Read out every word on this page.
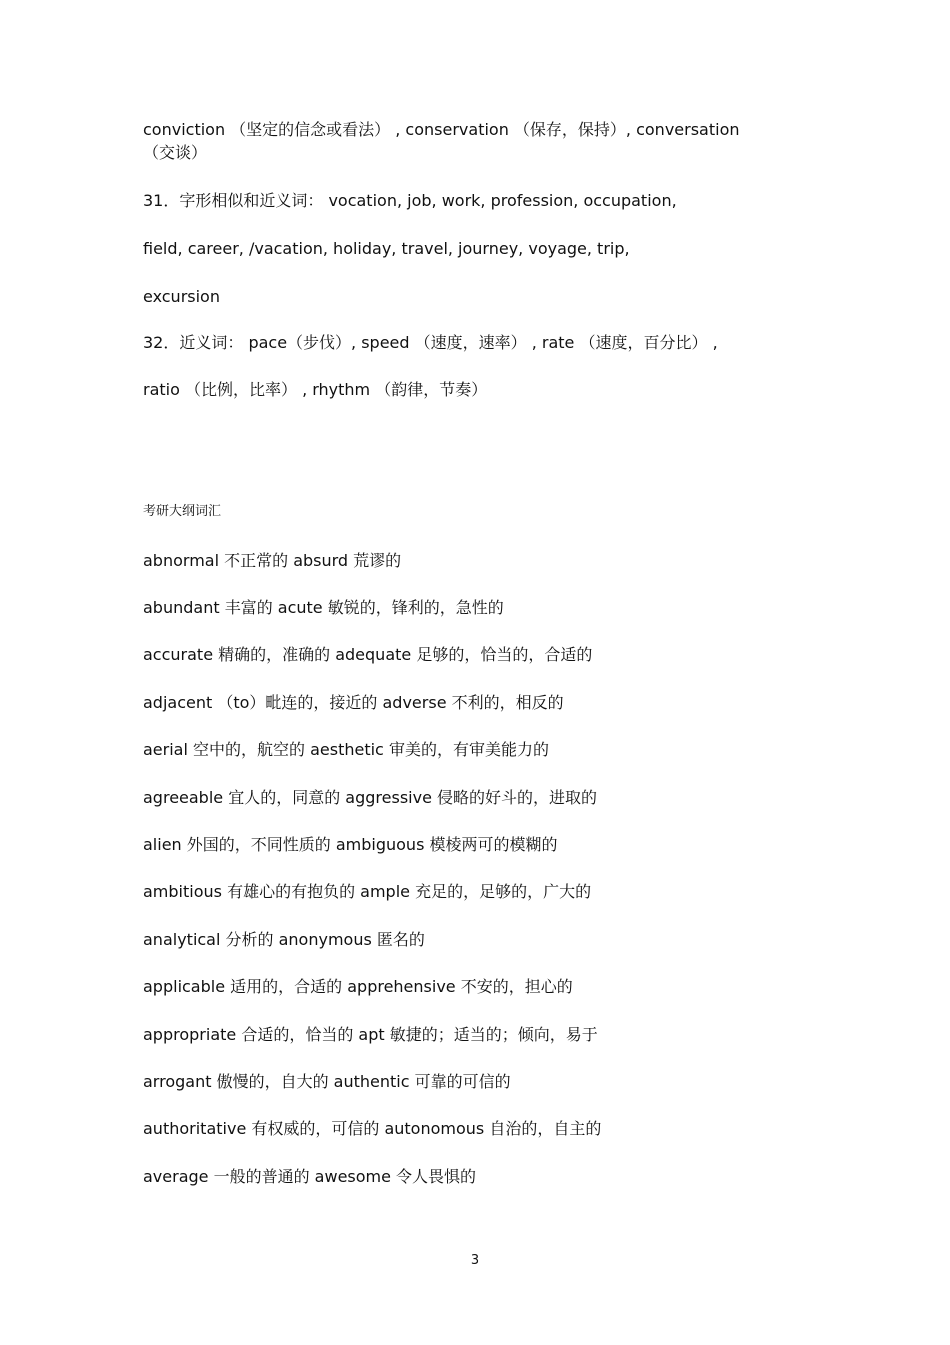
conviction （坚定的信念或看法） , conservation （保存，保持）, conversation
（交谈）
31．字形相似和近义词： vocation, job, work, profession, occupation,
field, career, /vacation, holiday, travel, journey, voyage, trip,
excursion
32．近义词： pace（步伐）, speed （速度，速率） , rate （速度，百分比） ,
ratio （比例，比率） , rhythm （韵律，节奏）
考研大纲词汇
abnormal 不正常的 absurd 荒谬的
abundant 丰富的 acute 敏锐的，锋利的，急性的
accurate 精确的，准确的 adequate 足够的，恰当的，合适的
adjacent （to）毗连的，接近的 adverse 不利的，相反的
aerial 空中的，航空的 aesthetic 审美的，有审美能力的
agreeable 宜人的，同意的 aggressive 侵略的好斗的，进取的
alien 外国的，不同性质的 ambiguous 模棱两可的模糊的
ambitious 有雄心的有抱负的 ample 充足的，足够的，广大的
analytical 分析的 anonymous 匿名的
applicable 适用的，合适的 apprehensive 不安的，担心的
appropriate 合适的，恰当的 apt 敏捷的；适当的；倾向，易于
arrogant 傲慢的，自大的 authentic 可靠的可信的
authoritative 有权威的，可信的 autonomous 自治的，自主的
average 一般的普通的 awesome 令人畏惧的
3
